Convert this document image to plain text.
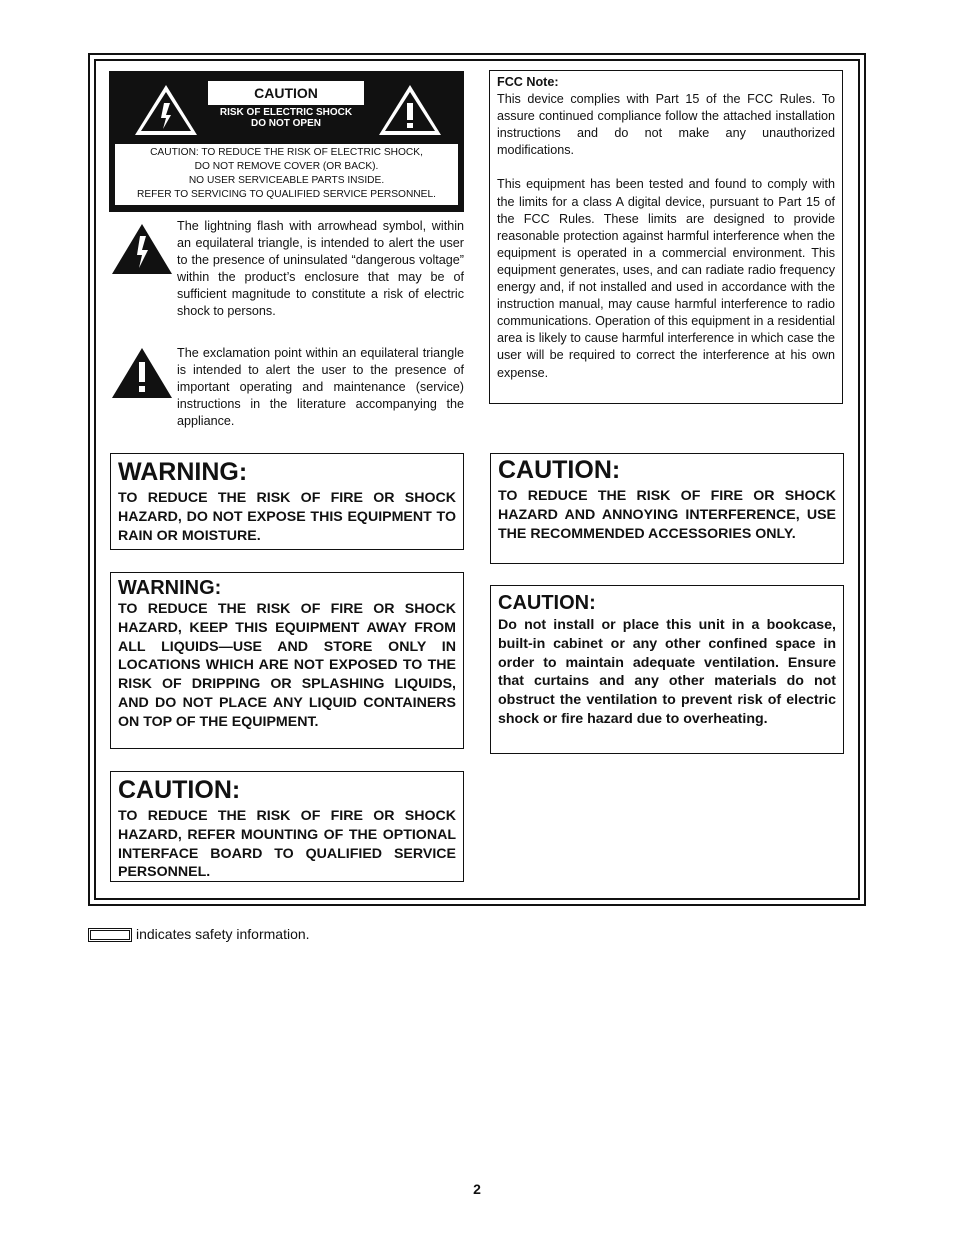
CAUTION
RISK OF ELECTRIC SHOCK
DO NOT OPEN
CAUTION: TO REDUCE THE RISK OF ELECTRIC SHOCK,
DO NOT REMOVE COVER (OR BACK).
NO USER SERVICEABLE PARTS INSIDE.
REFER TO SERVICING TO QUALIFIED SERVICE PERSONNEL.
The lightning flash with arrowhead symbol, within an equilateral triangle, is intended to alert the user to the presence of uninsulated “dangerous voltage” within the product’s enclosure that may be of sufficient magnitude to constitute a risk of electric shock to persons.
The exclamation point within an equilateral triangle is intended to alert the user to the presence of important operating and maintenance (service) instructions in the literature accompanying the appliance.
FCC Note:

This device complies with Part 15 of the FCC Rules. To assure continued compliance follow the attached installation instructions and do not make any unauthorized modifications.

This equipment has been tested and found to comply with the limits for a class A digital device, pursuant to Part 15 of the FCC Rules. These limits are designed to provide reasonable protection against harmful interference when the equipment is operated in a commercial environment. This equipment generates, uses, and can radiate radio frequency energy and, if not installed and used in accordance with the instruction manual, may cause harmful interference to radio communications. Operation of this equipment in a residential area is likely to cause harmful interference in which case the user will be required to correct the interference at his own expense.

WARNING:
TO REDUCE THE RISK OF FIRE OR SHOCK HAZARD, DO NOT EXPOSE THIS EQUIPMENT TO RAIN OR MOISTURE.
WARNING:
TO REDUCE THE RISK OF FIRE OR SHOCK HAZARD, KEEP THIS EQUIPMENT AWAY FROM ALL LIQUIDS—USE AND STORE ONLY IN LOCATIONS WHICH ARE NOT EXPOSED TO THE RISK OF DRIPPING OR SPLASHING LIQUIDS, AND DO NOT PLACE ANY LIQUID CONTAINERS ON TOP OF THE EQUIPMENT.
CAUTION:
TO REDUCE THE RISK OF FIRE OR SHOCK HAZARD, REFER MOUNTING OF THE OPTIONAL INTERFACE BOARD TO QUALIFIED SERVICE PERSONNEL.
CAUTION:
TO REDUCE THE RISK OF FIRE OR SHOCK HAZARD AND ANNOYING INTERFERENCE, USE THE RECOMMENDED ACCESSORIES ONLY.
CAUTION:
Do not install or place this unit in a bookcase, built-in cabinet or any other confined space in order to maintain adequate ventilation. Ensure that curtains and any other materials do not obstruct the ventilation to prevent risk of electric shock or fire hazard due to overheating.
indicates safety information.
2
